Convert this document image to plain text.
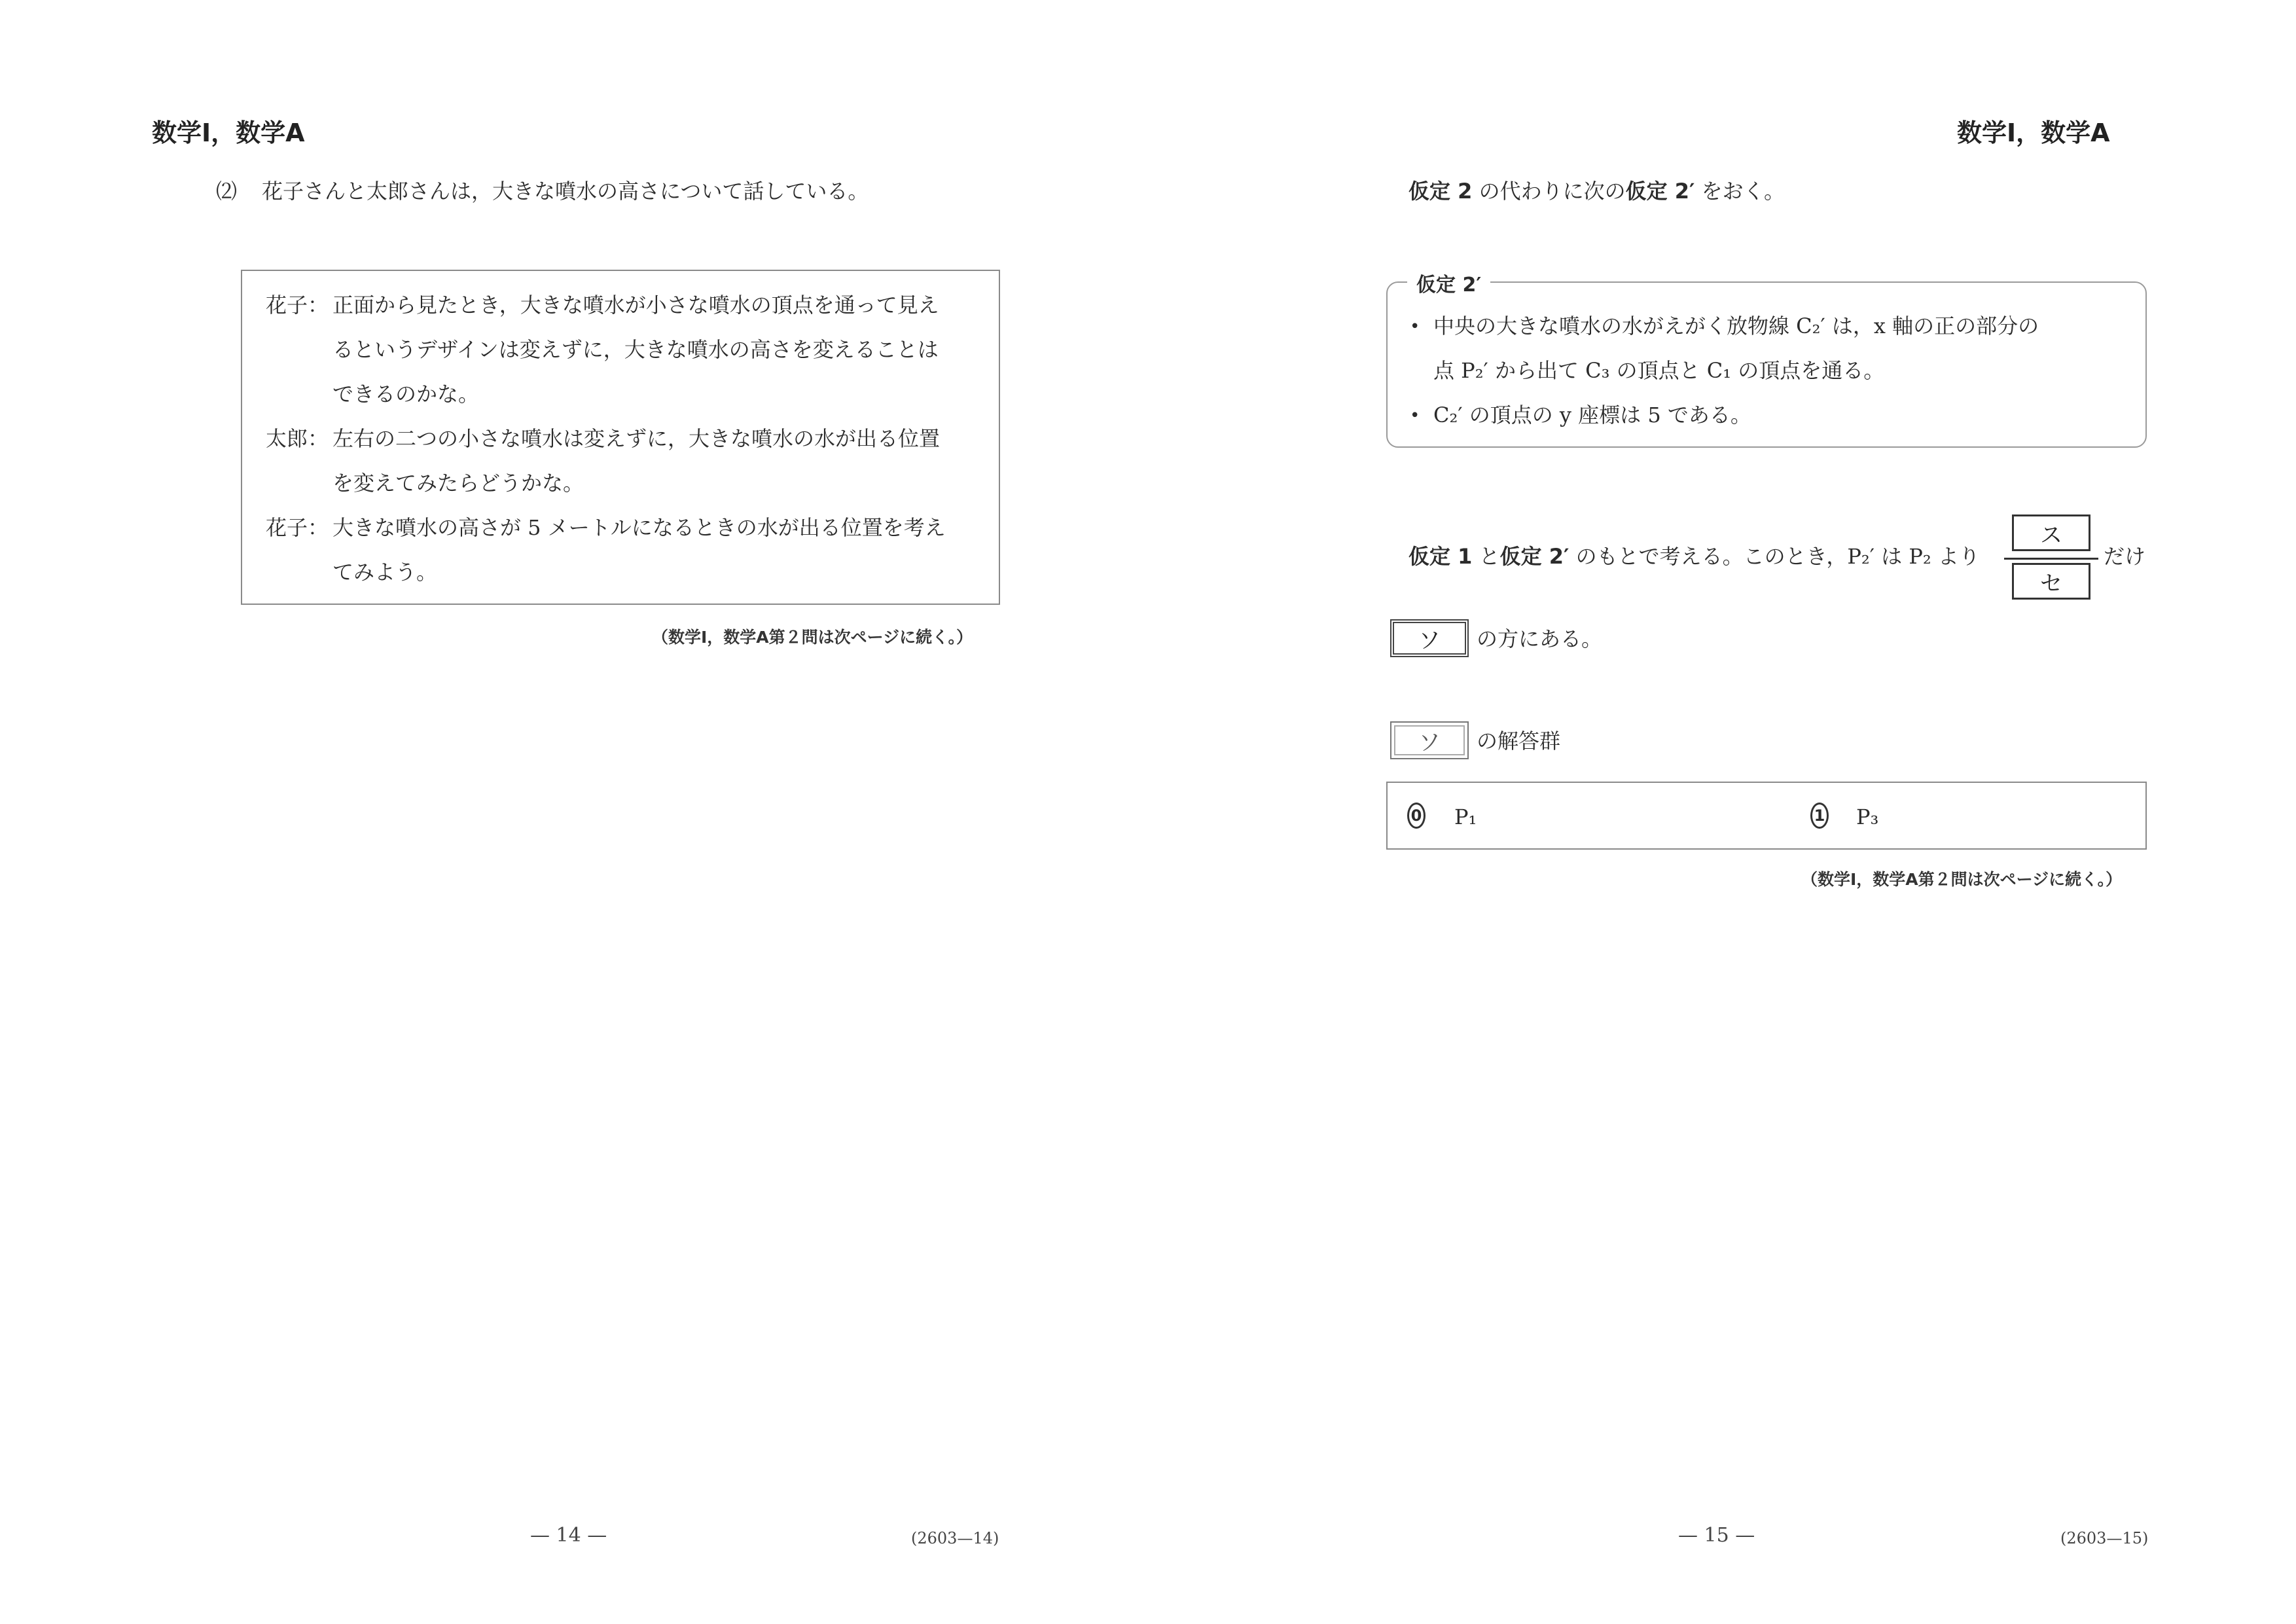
数学Ⅰ，数学A
⑵ 花子さんと太郎さんは，大きな噴水の高さについて話している。
花子： 正面から見たとき，大きな噴水が小さな噴水の頂点を通って見え
るというデザインは変えずに，大きな噴水の高さを変えることは
できるのかな。
太郎： 左右の二つの小さな噴水は変えずに，大きな噴水の水が出る位置
を変えてみたらどうかな。
花子： 大きな噴水の高さが 5 メートルになるときの水が出る位置を考え
てみよう。
（数学Ⅰ，数学A第２問は次ページに続く。）
— 14 —	(2603—14)
数学Ⅰ，数学A
仮定 2 の代わりに次の仮定 2′ をおく。
仮定 2′
• 中央の大きな噴水の水がえがく放物線 C₂′ は，x 軸の正の部分の
点 P₂′ から出て C₃ の頂点と C₁ の頂点を通る。
• C₂′ の頂点の y 座標は 5 である。
仮定 1 と仮定 2′ のもとで考える。このとき，P₂′ は P₂ より
ス
セ
だけ
ソ	の方にある。
ソ	の解答群
0 P₁	1 P₃
（数学Ⅰ，数学A第２問は次ページに続く。）
— 15 —	(2603—15)
